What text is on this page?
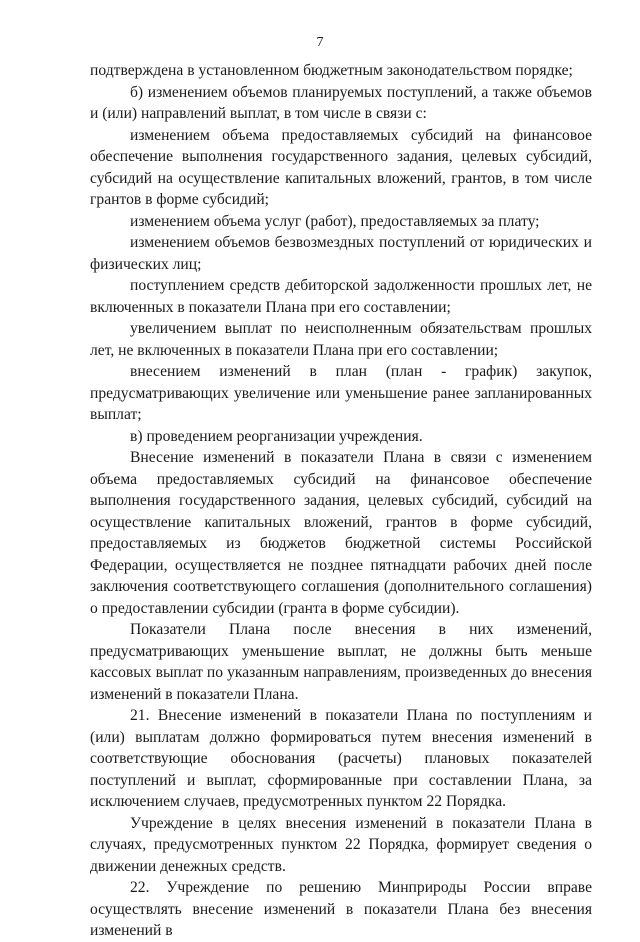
7

подтверждена в установленном бюджетным законодательством порядке;

б) изменением объемов планируемых поступлений, а также объемов и (или) направлений выплат, в том числе в связи с:

изменением объема предоставляемых субсидий на финансовое обеспечение выполнения государственного задания, целевых субсидий, субсидий на осуществление капитальных вложений, грантов, в том числе грантов в форме субсидий;

изменением объема услуг (работ), предоставляемых за плату;

изменением объемов безвозмездных поступлений от юридических и физических лиц;

поступлением средств дебиторской задолженности прошлых лет, не включенных в показатели Плана при его составлении;

увеличением выплат по неисполненным обязательствам прошлых лет, не включенных в показатели Плана при его составлении;

внесением изменений в план (план - график) закупок, предусматривающих увеличение или уменьшение ранее запланированных выплат;

в) проведением реорганизации учреждения.

Внесение изменений в показатели Плана в связи с изменением объема предоставляемых субсидий на финансовое обеспечение выполнения государственного задания, целевых субсидий, субсидий на осуществление капитальных вложений, грантов в форме субсидий, предоставляемых из бюджетов бюджетной системы Российской Федерации, осуществляется не позднее пятнадцати рабочих дней после заключения соответствующего соглашения (дополнительного соглашения) о предоставлении субсидии (гранта в форме субсидии).

Показатели Плана после внесения в них изменений, предусматривающих уменьшение выплат, не должны быть меньше кассовых выплат по указанным направлениям, произведенных до внесения изменений в показатели Плана.

21. Внесение изменений в показатели Плана по поступлениям и (или) выплатам должно формироваться путем внесения изменений в соответствующие обоснования (расчеты) плановых показателей поступлений и выплат, сформированные при составлении Плана, за исключением случаев, предусмотренных пунктом 22 Порядка.

Учреждение в целях внесения изменений в показатели Плана в случаях, предусмотренных пунктом 22 Порядка, формирует сведения о движении денежных средств.

22. Учреждение по решению Минприроды России вправе осуществлять внесение изменений в показатели Плана без внесения изменений в
